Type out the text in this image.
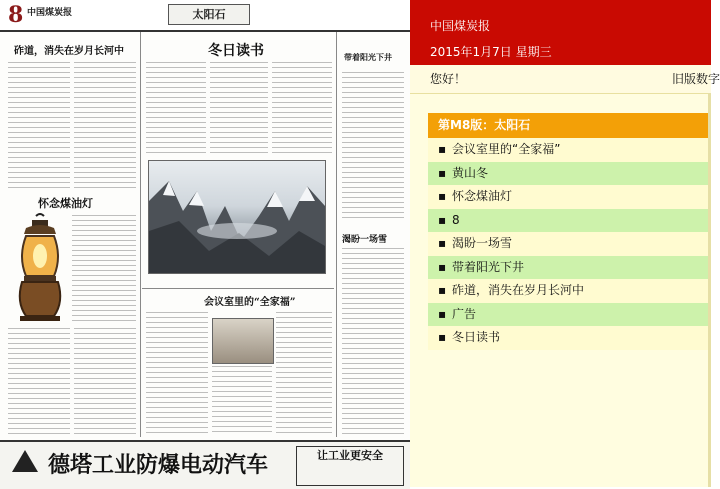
8 中国煤炭报	太阳石
砟道，消失在岁月长河中	冬日读书	带着阳光下井
怀念煤油灯
渴盼一场雪
会议室里的“全家福”
德塔工业防爆电动汽车	让工业更安全
中国煤炭报
2015年1月7日 星期三
您好！	旧版数字
第M8版：太阳石
▪ 会议室里的“全家福”
▪ 黄山冬
▪ 怀念煤油灯
▪ 8
▪ 渴盼一场雪
▪ 带着阳光下井
▪ 砟道，消失在岁月长河中
▪ 广告
▪ 冬日读书
